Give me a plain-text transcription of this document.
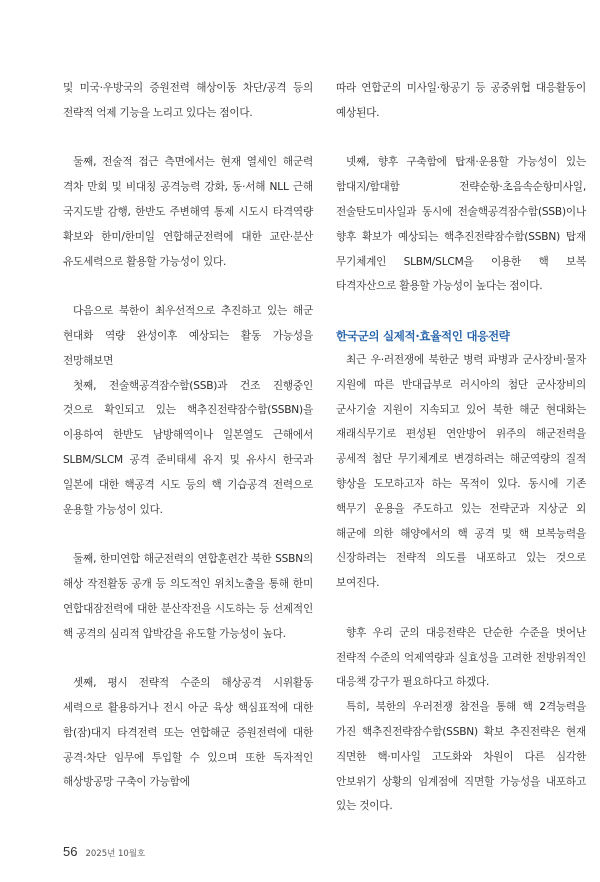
및 미국·우방국의 증원전력 해상이동 차단/공격 등의 전략적 억제 기능을 노리고 있다는 점이다.

둘째, 전술적 접근 측면에서는 현재 열세인 해군력 격차 만회 및 비대칭 공격능력 강화, 동·서해 NLL 근해 국지도발 감행, 한반도 주변해역 통제 시도시 타격역량 확보와 한미/한미일 연합해군전력에 대한 교란·분산 유도세력으로 활용할 가능성이 있다.

다음으로 북한이 최우선적으로 추진하고 있는 해군 현대화 역량 완성이후 예상되는 활동 가능성을 전망해보면

첫째, 전술핵공격잠수함(SSB)과 건조 진행중인 것으로 확인되고 있는 핵추진전략잠수함(SSBN)을 이용하여 한반도 남방해역이나 일본열도 근해에서 SLBM/SLCM 공격 준비태세 유지 및 유사시 한국과 일본에 대한 핵공격 시도 등의 핵 기습공격 전력으로 운용할 가능성이 있다.

둘째, 한미연합 해군전력의 연합훈련간 북한 SSBN의 해상 작전활동 공개 등 의도적인 위치노출을 통해 한미 연합대잠전력에 대한 분산작전을 시도하는 등 선제적인 핵 공격의 심리적 압박감을 유도할 가능성이 높다.

셋째, 평시 전략적 수준의 해상공격 시위활동 세력으로 활용하거나 전시 아군 육상 핵심표적에 대한 함(잠)대지 타격전력 또는 연합해군 증원전력에 대한 공격·차단 임무에 투입할 수 있으며 또한 독자적인 해상방공망 구축이 가능함에

따라 연합군의 미사일·항공기 등 공중위협 대응활동이 예상된다.

넷째, 향후 구축함에 탑재·운용할 가능성이 있는 함대지/함대함 전략순항·초음속순항미사일, 전술탄도미사일과 동시에 전술핵공격잠수함(SSB)이나 향후 확보가 예상되는 핵추진전략잠수함(SSBN) 탑재 무기체계인 SLBM/SLCM을 이용한 핵 보복 타격자산으로 활용할 가능성이 높다는 점이다.

한국군의 실제적·효율적인 대응전략

최근 우·러전쟁에 북한군 병력 파병과 군사장비·물자 지원에 따른 반대급부로 러시아의 첨단 군사장비의 군사기술 지원이 지속되고 있어 북한 해군 현대화는 재래식무기로 편성된 연안방어 위주의 해군전력을 공세적 첨단 무기체계로 변경하려는 해군역량의 질적 향상을 도모하고자 하는 목적이 있다. 동시에 기존 핵무기 운용을 주도하고 있는 전략군과 지상군 외 해군에 의한 해양에서의 핵 공격 및 핵 보복능력을 신장하려는 전략적 의도를 내포하고 있는 것으로 보여진다.

향후 우리 군의 대응전략은 단순한 수준을 벗어난 전략적 수준의 억제역량과 실효성을 고려한 전방위적인 대응책 강구가 필요하다고 하겠다.

특히, 북한의 우러전쟁 참전을 통해 핵 2격능력을 가진 핵추진전략잠수함(SSBN) 확보 추진전략은 현재 직면한 핵·미사일 고도화와 차원이 다른 심각한 안보위기 상황의 임계점에 직면할 가능성을 내포하고 있는 것이다.

56 2025년 10월호
